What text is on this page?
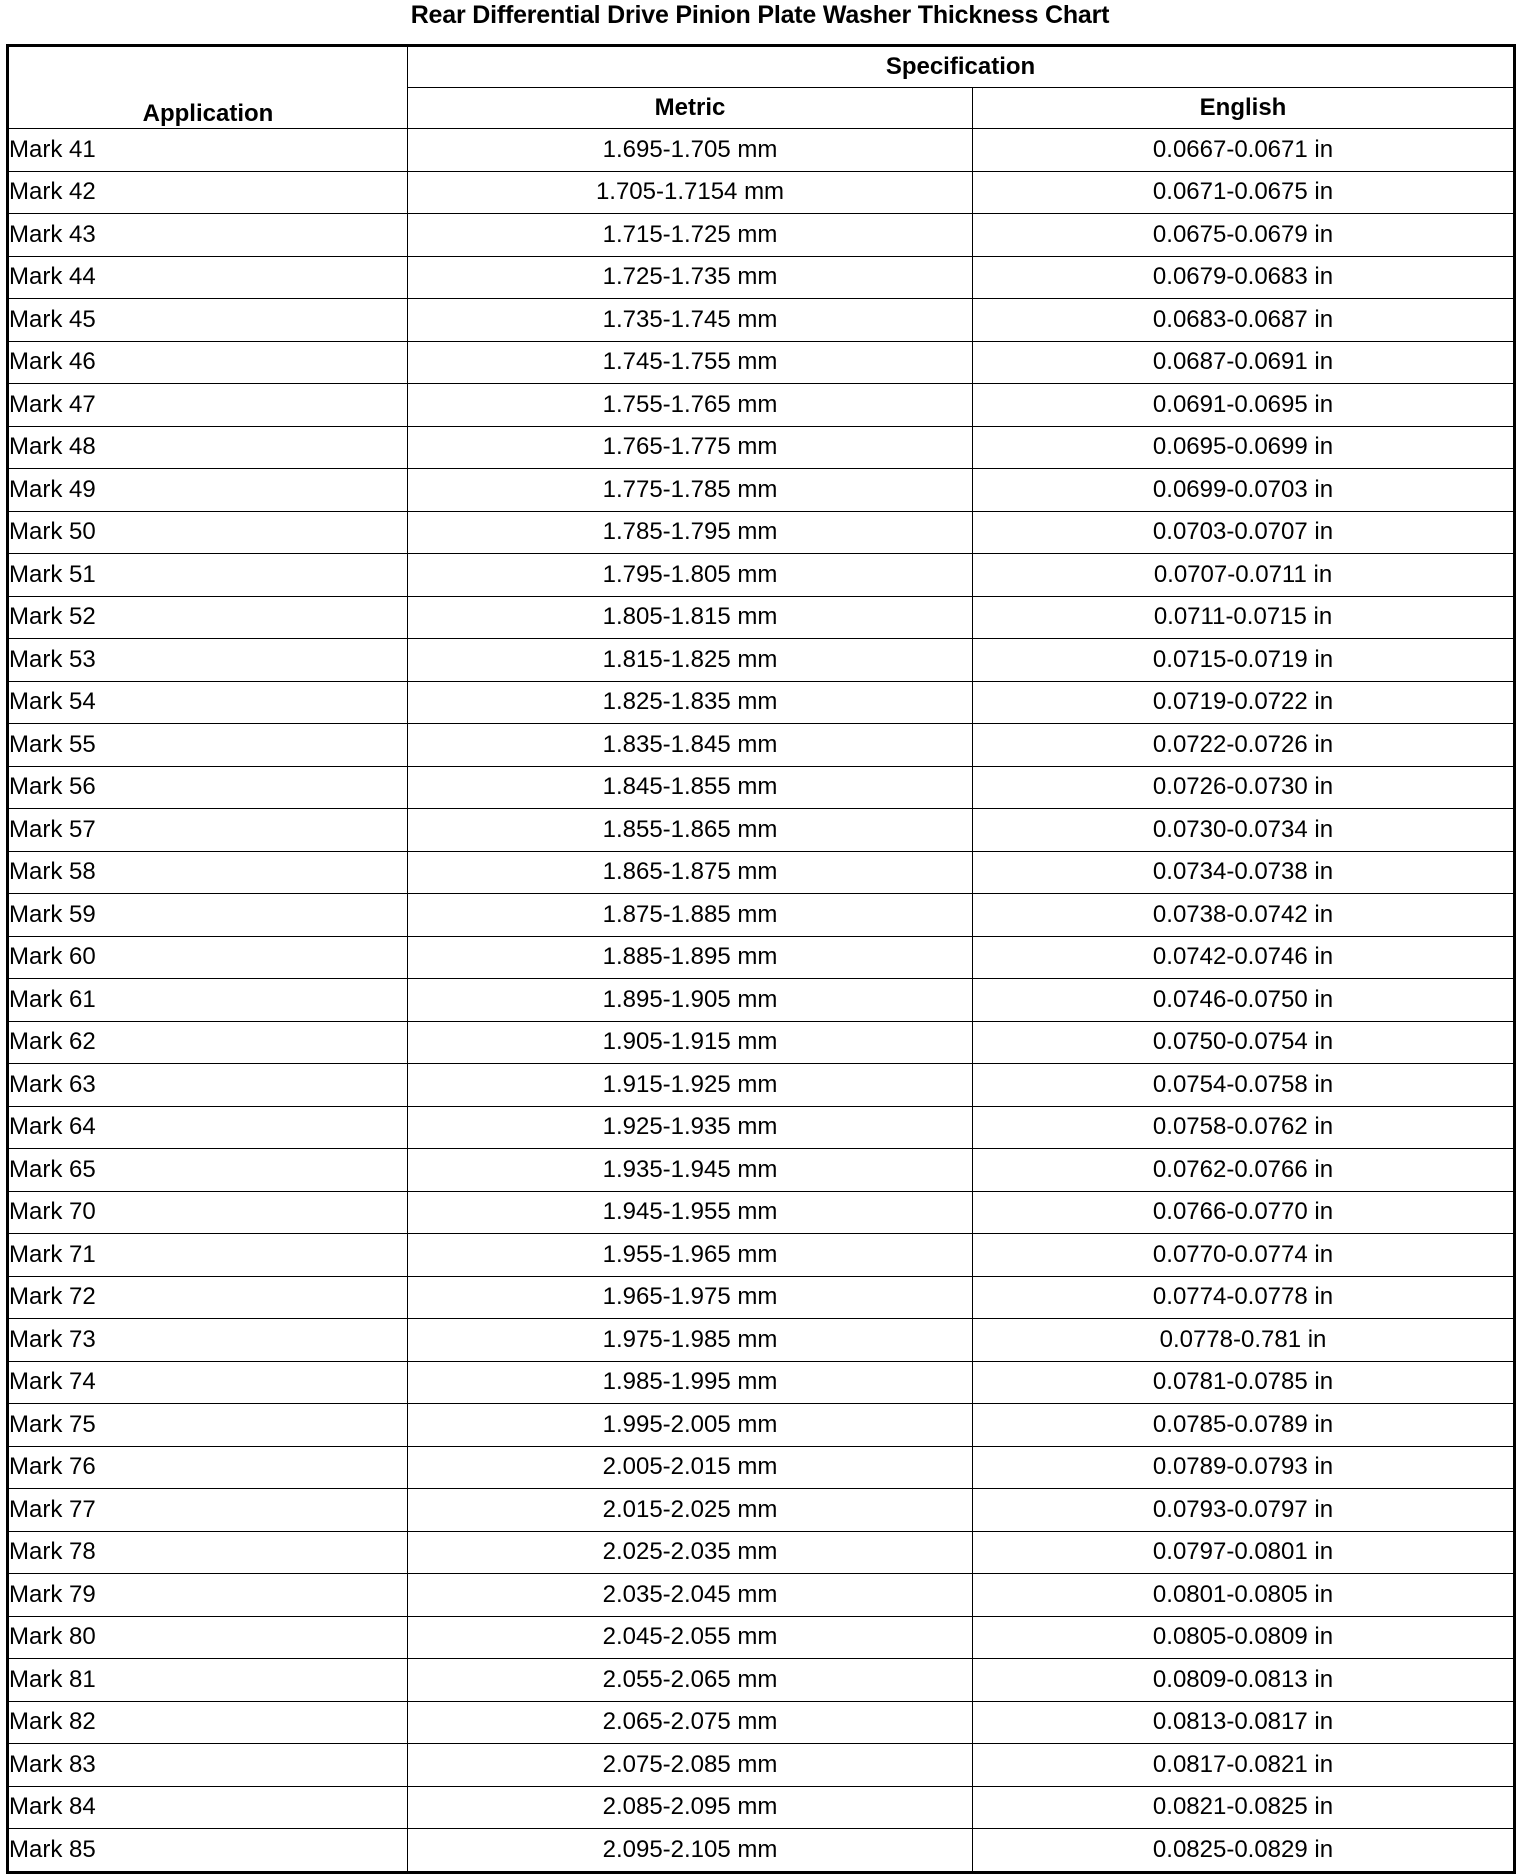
Rear Differential Drive Pinion Plate Washer Thickness Chart
Application	Specification	
	Metric	English
Mark 41	1.695-1.705 mm	0.0667-0.0671 in
Mark 42	1.705-1.7154 mm	0.0671-0.0675 in
Mark 43	1.715-1.725 mm	0.0675-0.0679 in
Mark 44	1.725-1.735 mm	0.0679-0.0683 in
Mark 45	1.735-1.745 mm	0.0683-0.0687 in
Mark 46	1.745-1.755 mm	0.0687-0.0691 in
Mark 47	1.755-1.765 mm	0.0691-0.0695 in
Mark 48	1.765-1.775 mm	0.0695-0.0699 in
Mark 49	1.775-1.785 mm	0.0699-0.0703 in
Mark 50	1.785-1.795 mm	0.0703-0.0707 in
Mark 51	1.795-1.805 mm	0.0707-0.0711 in
Mark 52	1.805-1.815 mm	0.0711-0.0715 in
Mark 53	1.815-1.825 mm	0.0715-0.0719 in
Mark 54	1.825-1.835 mm	0.0719-0.0722 in
Mark 55	1.835-1.845 mm	0.0722-0.0726 in
Mark 56	1.845-1.855 mm	0.0726-0.0730 in
Mark 57	1.855-1.865 mm	0.0730-0.0734 in
Mark 58	1.865-1.875 mm	0.0734-0.0738 in
Mark 59	1.875-1.885 mm	0.0738-0.0742 in
Mark 60	1.885-1.895 mm	0.0742-0.0746 in
Mark 61	1.895-1.905 mm	0.0746-0.0750 in
Mark 62	1.905-1.915 mm	0.0750-0.0754 in
Mark 63	1.915-1.925 mm	0.0754-0.0758 in
Mark 64	1.925-1.935 mm	0.0758-0.0762 in
Mark 65	1.935-1.945 mm	0.0762-0.0766 in
Mark 70	1.945-1.955 mm	0.0766-0.0770 in
Mark 71	1.955-1.965 mm	0.0770-0.0774 in
Mark 72	1.965-1.975 mm	0.0774-0.0778 in
Mark 73	1.975-1.985 mm	0.0778-0.781 in
Mark 74	1.985-1.995 mm	0.0781-0.0785 in
Mark 75	1.995-2.005 mm	0.0785-0.0789 in
Mark 76	2.005-2.015 mm	0.0789-0.0793 in
Mark 77	2.015-2.025 mm	0.0793-0.0797 in
Mark 78	2.025-2.035 mm	0.0797-0.0801 in
Mark 79	2.035-2.045 mm	0.0801-0.0805 in
Mark 80	2.045-2.055 mm	0.0805-0.0809 in
Mark 81	2.055-2.065 mm	0.0809-0.0813 in
Mark 82	2.065-2.075 mm	0.0813-0.0817 in
Mark 83	2.075-2.085 mm	0.0817-0.0821 in
Mark 84	2.085-2.095 mm	0.0821-0.0825 in
Mark 85	2.095-2.105 mm	0.0825-0.0829 in
